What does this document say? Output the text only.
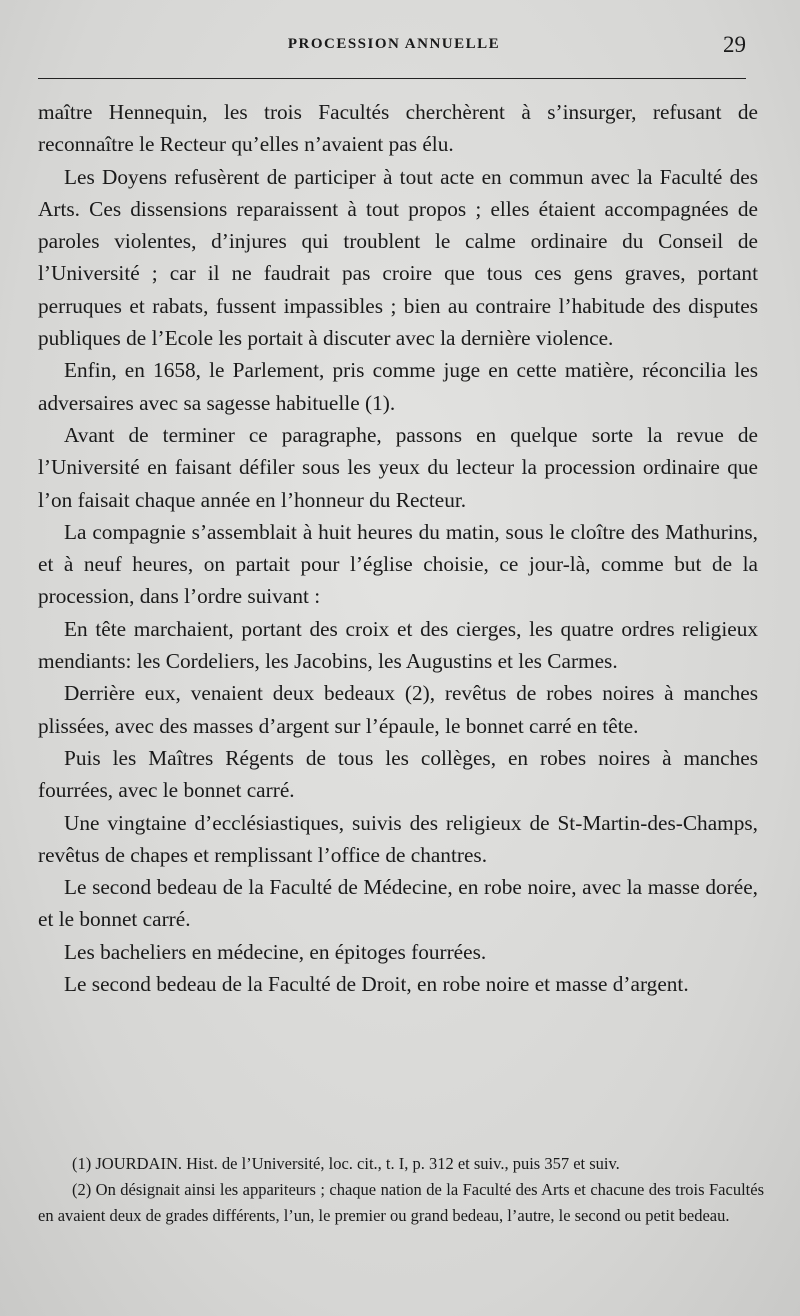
PROCESSION ANNUELLE	29

maître Hennequin, les trois Facultés cherchèrent à s’insurger, refusant de reconnaître le Recteur qu’elles n’avaient pas élu.

Les Doyens refusèrent de participer à tout acte en commun avec la Faculté des Arts. Ces dissensions reparaissent à tout propos ; elles étaient accompagnées de paroles violentes, d’injures qui troublent le calme ordinaire du Conseil de l’Université ; car il ne faudrait pas croire que tous ces gens graves, portant perruques et rabats, fussent impassibles ; bien au contraire l’habitude des disputes publiques de l’Ecole les portait à discuter avec la dernière violence.

Enfin, en 1658, le Parlement, pris comme juge en cette matière, réconcilia les adversaires avec sa sagesse habituelle (1).

Avant de terminer ce paragraphe, passons en quelque sorte la revue de l’Université en faisant défiler sous les yeux du lecteur la procession ordinaire que l’on faisait chaque année en l’honneur du Recteur.

La compagnie s’assemblait à huit heures du matin, sous le cloître des Mathurins, et à neuf heures, on partait pour l’église choisie, ce jour-là, comme but de la procession, dans l’ordre suivant :

En tête marchaient, portant des croix et des cierges, les quatre ordres religieux mendiants: les Cordeliers, les Jacobins, les Augustins et les Carmes.

Derrière eux, venaient deux bedeaux (2), revêtus de robes noires à manches plissées, avec des masses d’argent sur l’épaule, le bonnet carré en tête.

Puis les Maîtres Régents de tous les collèges, en robes noires à manches fourrées, avec le bonnet carré.

Une vingtaine d’ecclésiastiques, suivis des religieux de St-Martin-des-Champs, revêtus de chapes et remplissant l’office de chantres.

Le second bedeau de la Faculté de Médecine, en robe noire, avec la masse dorée, et le bonnet carré.

Les bacheliers en médecine, en épitoges fourrées.

Le second bedeau de la Faculté de Droit, en robe noire et masse d’argent.

(1) JOURDAIN. Hist. de l’Université, loc. cit., t. I, p. 312 et suiv., puis 357 et suiv.

(2) On désignait ainsi les appariteurs ; chaque nation de la Faculté des Arts et chacune des trois Facultés en avaient deux de grades différents, l’un, le premier ou grand bedeau, l’autre, le second ou petit bedeau.
